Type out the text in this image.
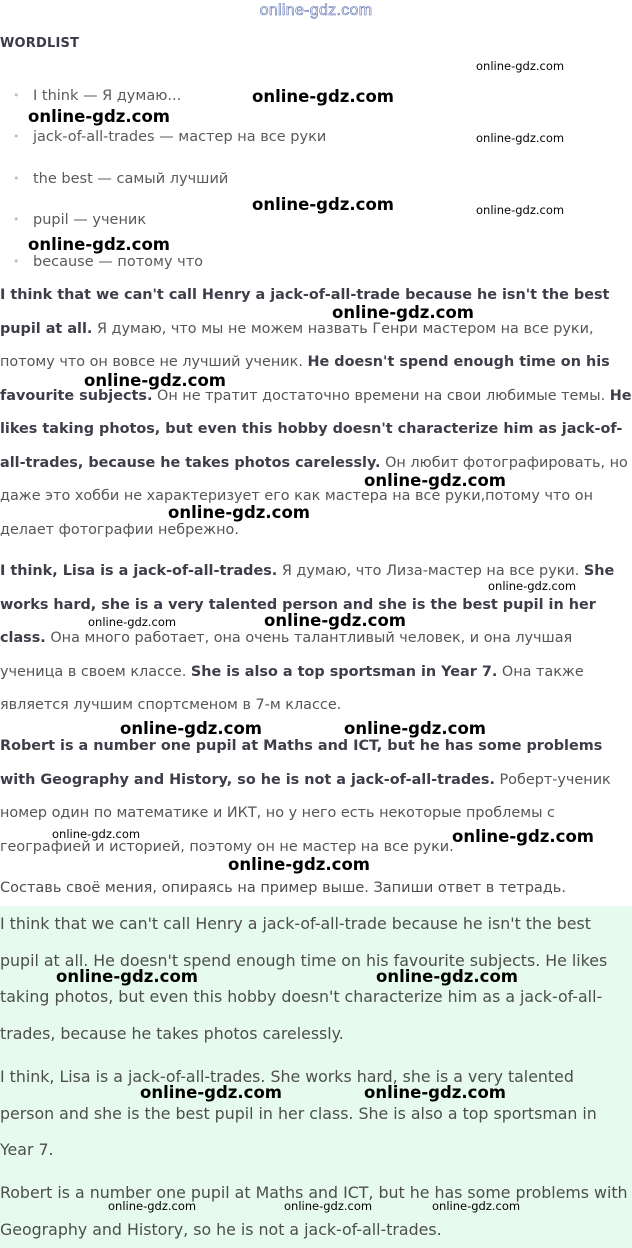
online-gdz.com
WORDLIST
• I think — Я думаю...
• jack-of-all-trades — мастер на все руки
• the best — самый лучший
• pupil — ученик
• because — потому что

I think that we can't call Henry a jack-of-all-trade because he isn't the best pupil at all. Я думаю, что мы не можем назвать Генри мастером на все руки, потому что он вовсе не лучший ученик. He doesn't spend enough time on his favourite subjects. Он не тратит достаточно времени на свои любимые темы. He likes taking photos, but even this hobby doesn't characterize him as jack-of-all-trades, because he takes photos carelessly. Он любит фотографировать, но даже это хобби не характеризует его как мастера на все руки,потому что он делает фотографии небрежно.

I think, Lisa is a jack-of-all-trades. Я думаю, что Лиза-мастер на все руки. She works hard, she is a very talented person and she is the best pupil in her class. Она много работает, она очень талантливый человек, и она лучшая ученица в своем классе. She is also a top sportsman in Year 7. Она также является лучшим спортсменом в 7-м классе.

Robert is a number one pupil at Maths and ICT, but he has some problems with Geography and History, so he is not a jack-of-all-trades. Роберт-ученик номер один по математике и ИКТ, но у него есть некоторые проблемы с географией и историей, поэтому он не мастер на все руки.

Составь своё мения, опираясь на пример выше. Запиши ответ в тетрадь.

I think that we can't call Henry a jack-of-all-trade because he isn't the best pupil at all. He doesn't spend enough time on his favourite subjects. He likes taking photos, but even this hobby doesn't characterize him as a jack-of-all-trades, because he takes photos carelessly.

I think, Lisa is a jack-of-all-trades. She works hard, she is a very talented person and she is the best pupil in her class. She is also a top sportsman in Year 7.

Robert is a number one pupil at Maths and ICT, but he has some problems with Geography and History, so he is not a jack-of-all-trades.

online-gdz.com
online-gdz.com
online-gdz.com
online-gdz.com
online-gdz.com	online-gdz.com
online-gdz.com
online-gdz.com
online-gdz.com
online-gdz.com
online-gdz.com
online-gdz.com
online-gdz.com	online-gdz.com
online-gdz.com	online-gdz.com
online-gdz.com	online-gdz.com
online-gdz.com
online-gdz.com	online-gdz.com
online-gdz.com	online-gdz.com
online-gdz.com	online-gdz.com	online-gdz.com
